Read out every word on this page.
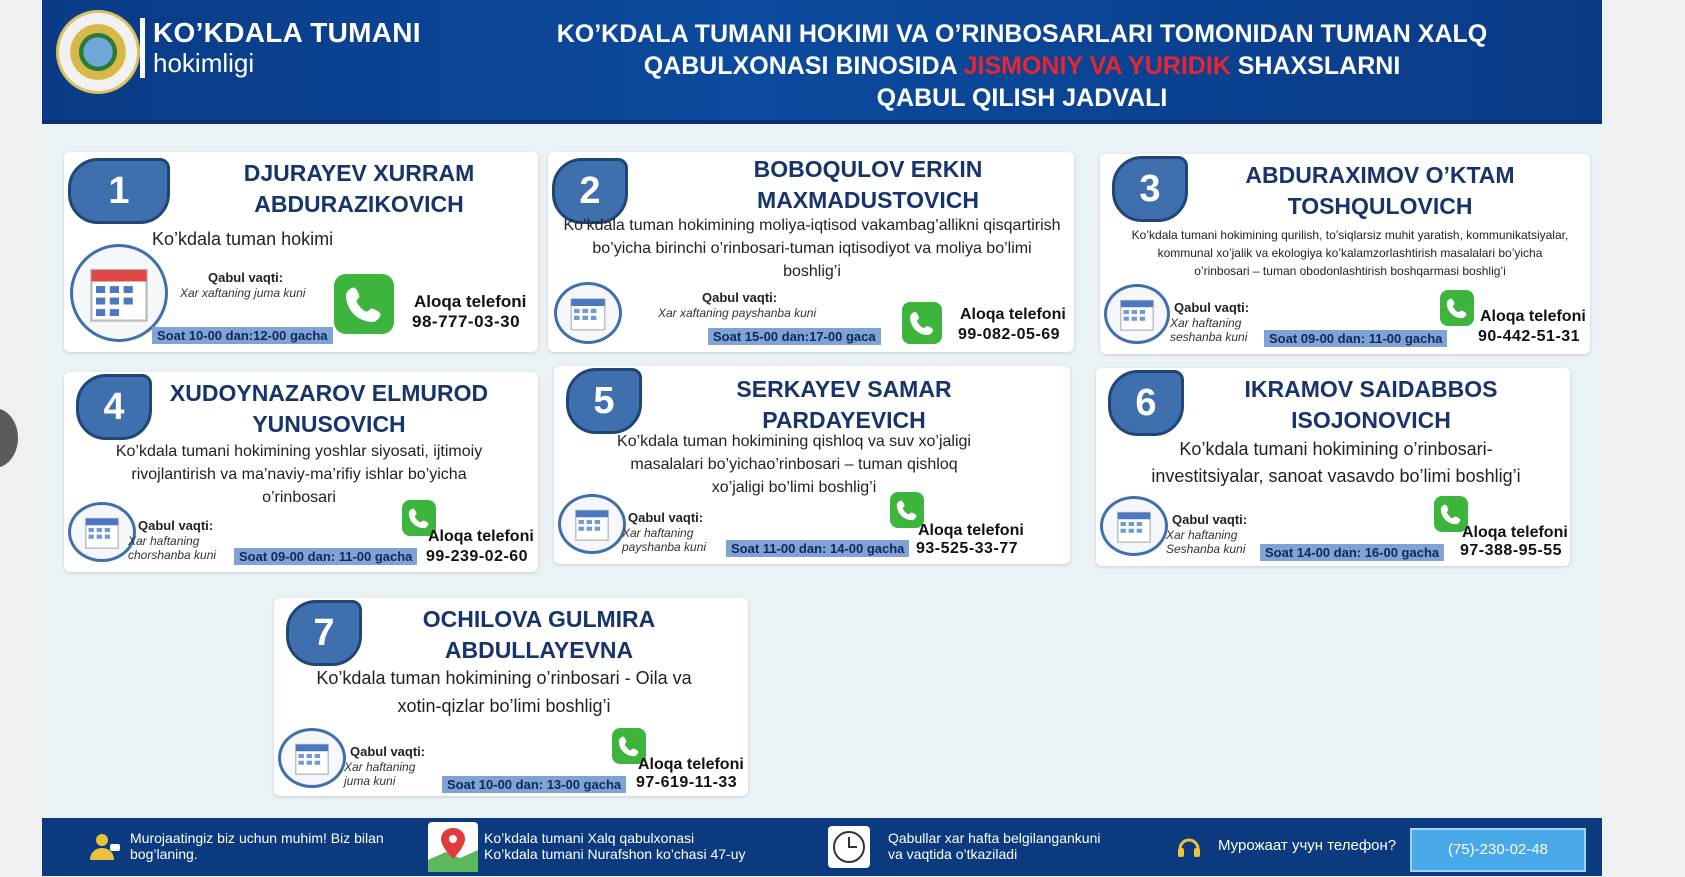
KO’KDALA TUMANI
hokimligi
KO’KDALA TUMANI HOKIMI VA O’RINBOSARLARI TOMONIDAN TUMAN XALQ
QABULXONASI BINOSIDA JISMONIY VA YURIDIK SHAXSLARNI
QABUL QILISH JADVALI
1	DJURAYEV XURRAM ABDURAZIKOVICH
Ko’kdala tuman hokimi
Qabul vaqti:
Xar xaftaning juma kuni
Soat 10-00 dan:12-00 gacha
Aloqa telefoni
98-777-03-30
2
BOBOQULOV ERKIN MAXMADUSTOVICH
Ko’kdala tuman hokimining moliya-iqtisod vakambag’allikni qisqartirish bo’yicha birinchi o’rinbosari-tuman iqtisodiyot va moliya bo’limi boshlig’i
Qabul vaqti:
Xar xaftaning payshanba kuni
Soat 15-00 dan:17-00 gaca
Aloqa telefoni
99-082-05-69
3	ABDURAXIMOV O’KTAM TOSHQULOVICH
Ko’kdala tumani hokimining qurilish, to’siqlarsiz muhit yaratish, kommunikatsiyalar, kommunal xo’jalik va ekologiya ko’kalamzorlashtirish masalalari bo’yicha o’rinbosari – tuman obodonlashtirish boshqarmasi boshlig’i
Qabul vaqti:
Xar haftaning seshanba kuni	Soat 09-00 dan: 11-00 gacha
Aloqa telefoni
90-442-51-31
4	XUDOYNAZAROV ELMUROD YUNUSOVICH
Ko’kdala tumani hokimining yoshlar siyosati, ijtimoiy rivojlantirish va ma’naviy-ma’rifiy ishlar bo’yicha o’rinbosari
Qabul vaqti:
Xar haftaning chorshanba kuni	Soat 09-00 dan: 11-00 gacha
Aloqa telefoni
99-239-02-60
5	SERKAYEV SAMAR PARDAYEVICH
Ko’kdala tuman hokimining qishloq va suv xo’jaligi masalalari bo’yichao’rinbosari – tuman qishloq xo’jaligi bo’limi boshlig’i
Qabul vaqti:
Xar haftaning payshanba kuni	Soat 11-00 dan: 14-00 gacha
Aloqa telefoni
93-525-33-77
6	IKRAMOV SAIDABBOS ISOJONOVICH
Ko’kdala tumani hokimining o’rinbosari- investitsiyalar, sanoat vasavdo bo’limi boshlig’i
Qabul vaqti:
Xar haftaning Seshanba kuni	Soat 14-00 dan: 16-00 gacha
Aloqa telefoni
97-388-95-55
7	OCHILOVA GULMIRA ABDULLAYEVNA
Ko’kdala tuman hokimining o’rinbosari - Oila va xotin-qizlar bo’limi boshlig’i
Qabul vaqti:
Xar haftaning juma kuni	Soat 10-00 dan: 13-00 gacha
Aloqa telefoni
97-619-11-33
Murojaatingiz biz uchun muhim! Biz bilan bog’laning.
Ko’kdala tumani Xalq qabulxonasi
Ko’kdala tumani Nurafshon ko’chasi 47-uy
Qabullar xar hafta belgilangankuni
va vaqtida o’tkaziladi	Мурожаат учун телефон?	(75)-230-02-48
